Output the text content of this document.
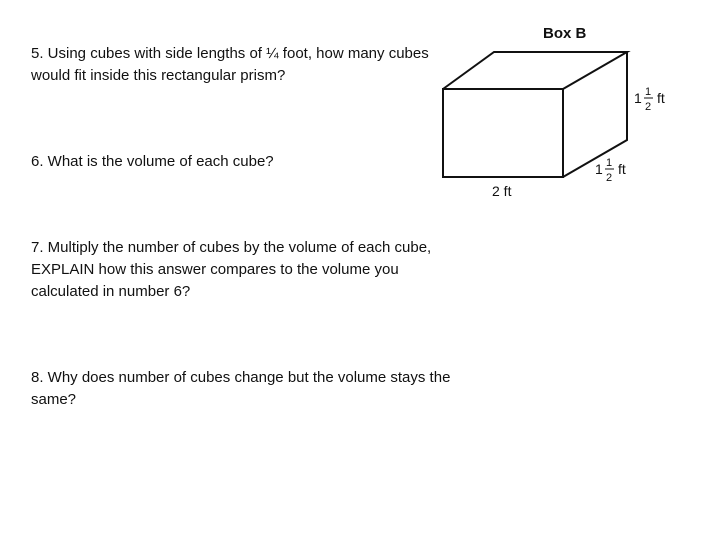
5. Using cubes with side lengths of ¼ foot, how many cubes would fit inside this rectangular prism?

6. What is the volume of each cube?

7. Multiply the number of cubes by the volume of each cube, EXPLAIN how this answer compares to the volume you calculated in number 6?

8. Why does number of cubes change but the volume stays the same?

Box B
1 1
2
ft
1 1
2
ft
2 ft
